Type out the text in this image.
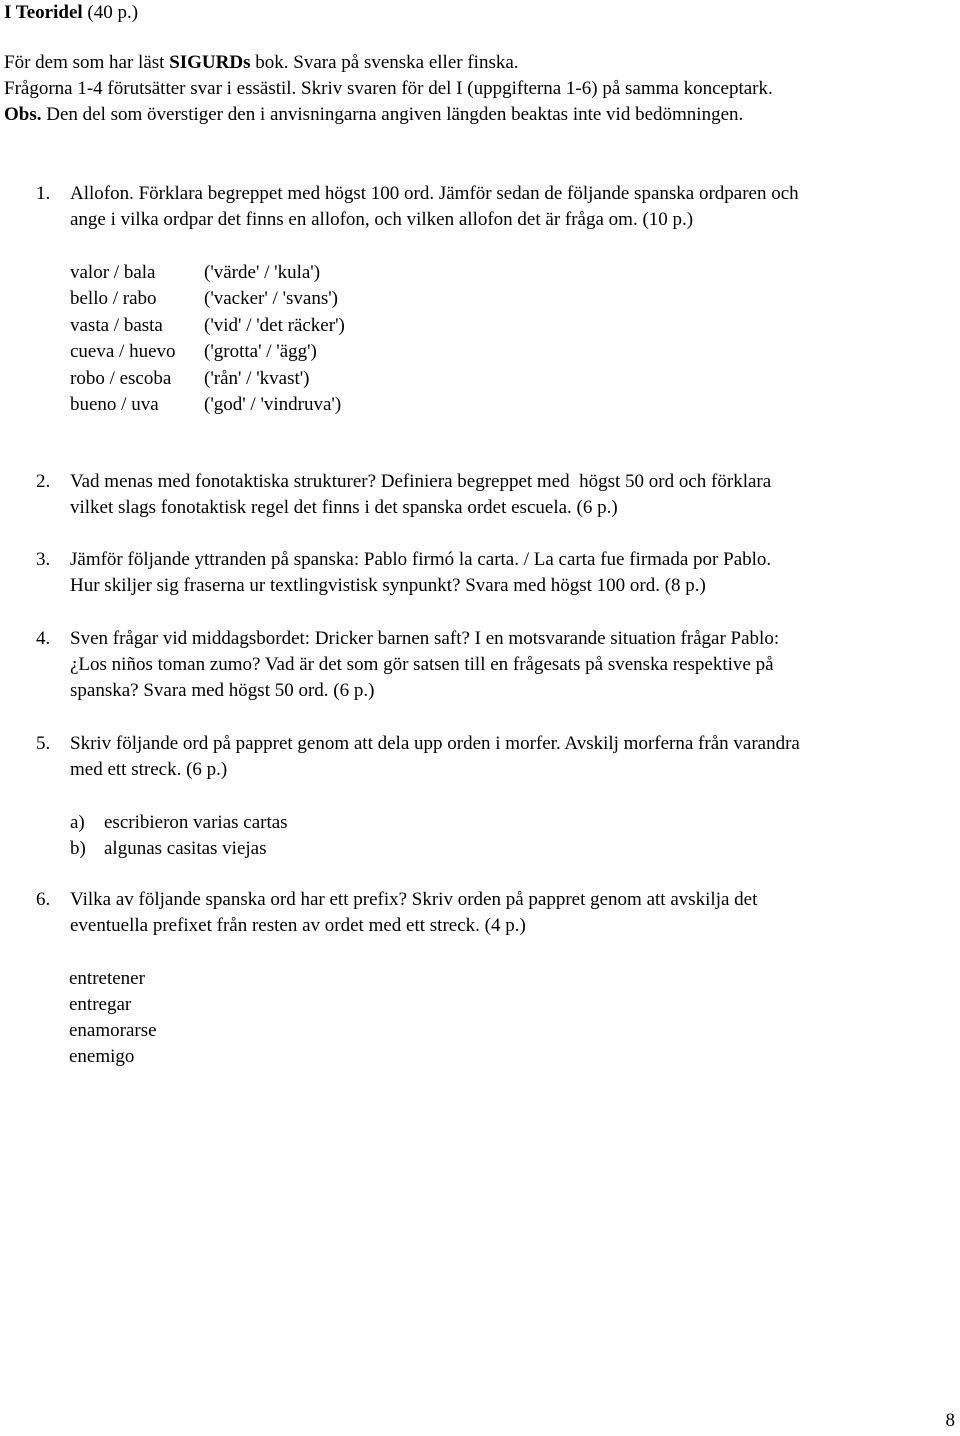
I Teoridel (40 p.)
För dem som har läst SIGURDs bok. Svara på svenska eller finska.
Frågorna 1-4 förutsätter svar i essästil. Skriv svaren för del I (uppgifterna 1-6) på samma konceptark.
Obs. Den del som överstiger den i anvisningarna angiven längden beaktas inte vid bedömningen.
1. Allofon. Förklara begreppet med högst 100 ord. Jämför sedan de följande spanska ordparen och
ange i vilka ordpar det finns en allofon, och vilken allofon det är fråga om. (10 p.)
valor / bala	('värde' / 'kula')
bello / rabo ('vacker' / 'svans')
vasta / basta ('vid' / 'det räcker')
cueva / huevo ('grotta' / 'ägg')
robo / escoba ('rån' / 'kvast')
bueno / uva ('god' / 'vindruva')
2. Vad menas med fonotaktiska strukturer? Definiera begreppet med  högst 50 ord och förklara
vilket slags fonotaktisk regel det finns i det spanska ordet escuela. (6 p.)
3. Jämför följande yttranden på spanska: Pablo firmó la carta. / La carta fue firmada por Pablo.
Hur skiljer sig fraserna ur textlingvistisk synpunkt? Svara med högst 100 ord. (8 p.)
4. Sven frågar vid middagsbordet: Dricker barnen saft? I en motsvarande situation frågar Pablo:
¿Los niños toman zumo? Vad är det som gör satsen till en frågesats på svenska respektive på
spanska? Svara med högst 50 ord. (6 p.)
5. Skriv följande ord på pappret genom att dela upp orden i morfer. Avskilj morferna från varandra
med ett streck. (6 p.)
a) escribieron varias cartas
b) algunas casitas viejas
6. Vilka av följande spanska ord har ett prefix? Skriv orden på pappret genom att avskilja det
eventuella prefixet från resten av ordet med ett streck. (4 p.)
entretener
entregar
enamorarse
enemigo
8
